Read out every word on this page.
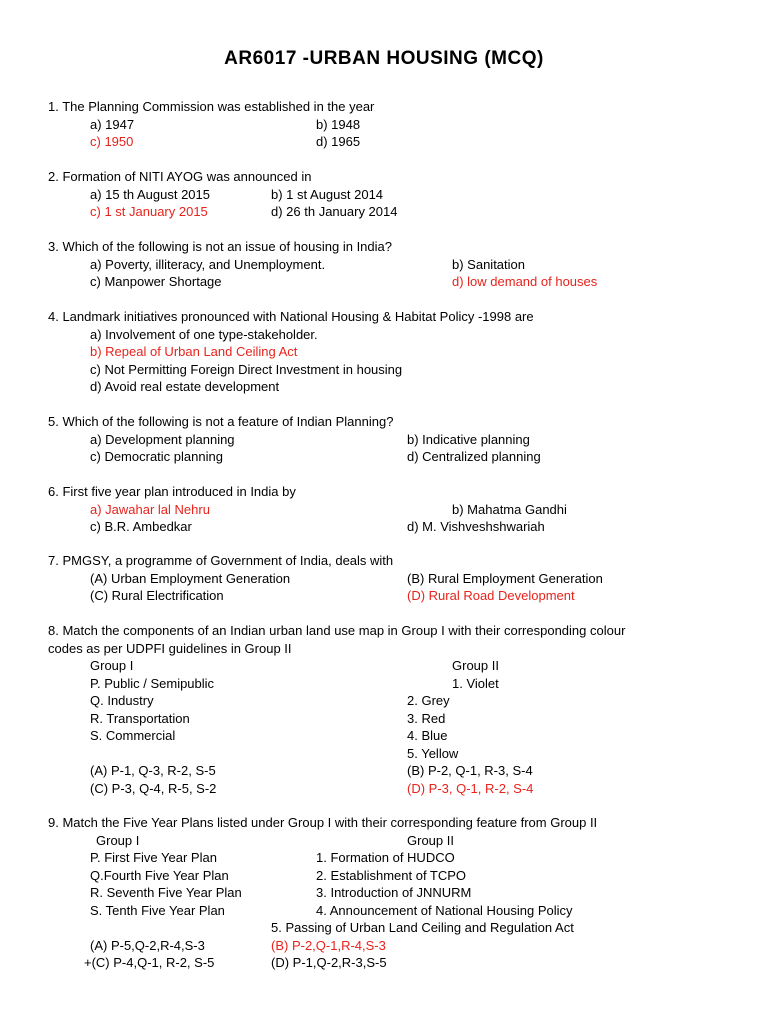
AR6017 -URBAN HOUSING (MCQ)
1. The Planning Commission was established in the year
a) 1947	b) 1948
c) 1950	d) 1965
2. Formation of NITI AYOG was announced in
a) 15 th August 2015	b) 1 st August 2014
c) 1 st January 2015	d) 26 th January 2014
3. Which of the following is not an issue of housing in India?
a) Poverty, illiteracy, and Unemployment.	b) Sanitation
c) Manpower Shortage	d) low demand of houses
4. Landmark initiatives pronounced with National Housing & Habitat Policy -1998 are
a) Involvement of one type-stakeholder.
b) Repeal of Urban Land Ceiling Act
c) Not Permitting Foreign Direct Investment in housing
d) Avoid real estate development
5. Which of the following is not a feature of Indian Planning?
a) Development planning	b) Indicative planning
c) Democratic planning	d) Centralized planning
6. First five year plan introduced in India by
a) Jawahar lal Nehru	b) Mahatma Gandhi
c) B.R. Ambedkar	d) M. Vishveshshwariah
7. PMGSY, a programme of Government of India, deals with
(A) Urban Employment Generation	(B) Rural Employment Generation
(C) Rural Electrification	(D) Rural Road Development
8. Match the components of an Indian urban land use map in Group I with their corresponding colour
codes as per UDPFI guidelines in Group II
Group I	Group II
P. Public / Semipublic	1. Violet
Q. Industry	2. Grey
R. Transportation	3. Red
S. Commercial	4. Blue
5. Yellow
(A) P-1, Q-3, R-2, S-5	(B) P-2, Q-1, R-3, S-4
(C) P-3, Q-4, R-5, S-2	(D) P-3, Q-1, R-2, S-4
9. Match the Five Year Plans listed under Group I with their corresponding feature from Group II
Group I	Group II
P. First Five Year Plan	1. Formation of HUDCO
Q.Fourth Five Year Plan	2. Establishment of TCPO
R. Seventh Five Year Plan	3. Introduction of JNNURM
S. Tenth Five Year Plan	4. Announcement of National Housing Policy
5. Passing of Urban Land Ceiling and Regulation Act
(A) P-5,Q-2,R-4,S-3	(B) P-2,Q-1,R-4,S-3
+(C) P-4,Q-1, R-2, S-5	(D) P-1,Q-2,R-3,S-5
